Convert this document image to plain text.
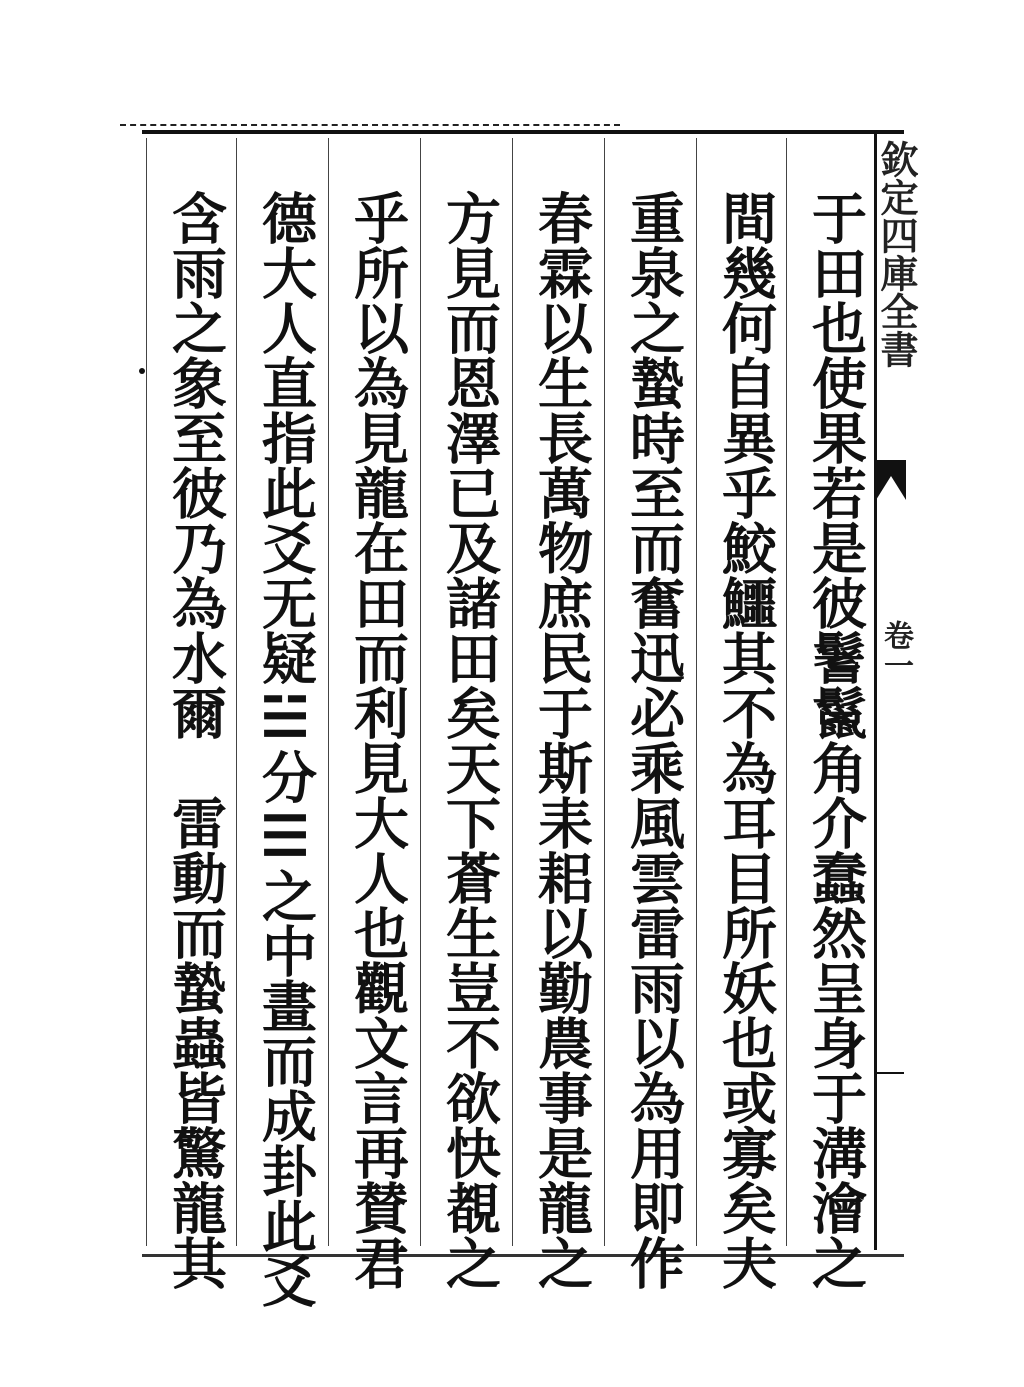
于田也使果若是彼鬐鬣角介蠢然呈身于溝澮之
間幾何自異乎鮫鱷其不為耳目所妖也或寡矣夫
重泉之蟄時至而奮迅必乘風雲雷雨以為用即作
春霖以生長萬物庶民于斯耒耜以勤農事是龍之
方見而恩澤已及諸田矣天下蒼生豈不欲快覩之
乎所以為見龍在田而利見大人也觀文言再賛君
德大人直指此爻无疑☱分☰之中畫而成卦此爻
含雨之象至彼乃為水爾　雷動而蟄蟲皆驚龍其	欽定四庫全書
卷一
